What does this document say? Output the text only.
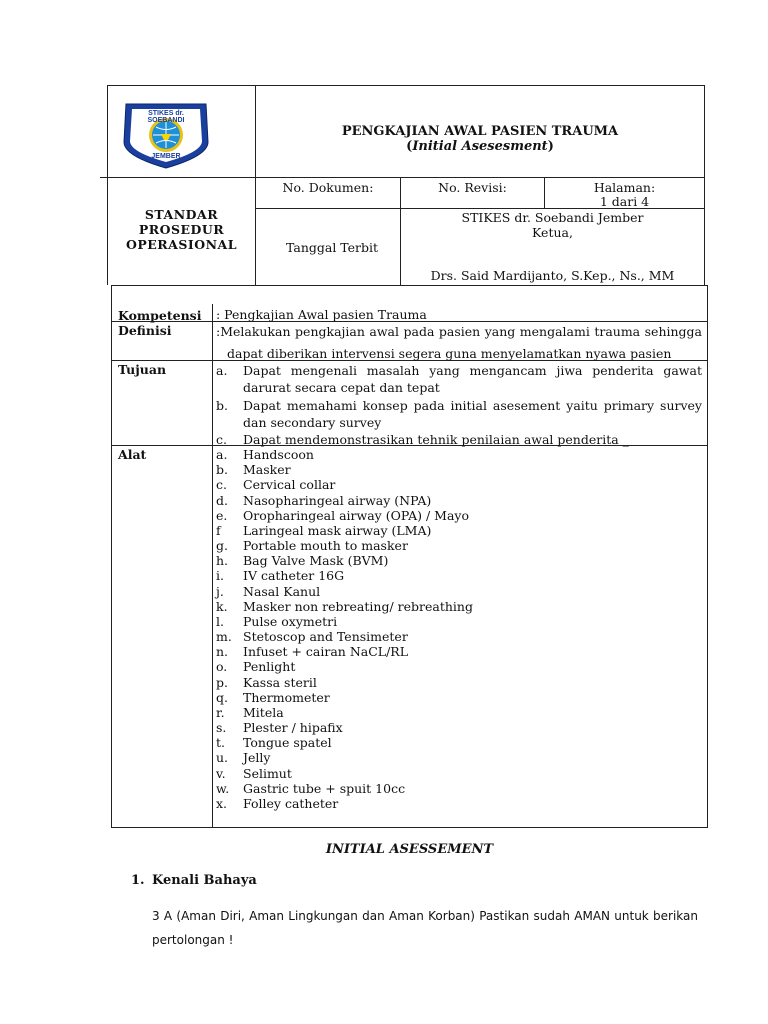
STIKES dr. SOEBANDI
JEMBER
PENGKAJIAN AWAL PASIEN TRAUMA
(Initial Asesesment)
STANDAR
PROSEDUR
OPERASIONAL
No. Dokumen:	No. Revisi:	Halaman:
1 dari 4
Tanggal Terbit
STIKES dr. Soebandi Jember
Ketua,
Drs. Said Mardijanto, S.Kep., Ns., MM
Kompetensi : Pengkajian Awal pasien Trauma
Definisi	:Melakukan pengkajian awal pada pasien yang mengalami trauma sehingga
dapat diberikan intervensi segera guna menyelamatkan nyawa pasien
Tujuan	a. Dapat mengenali masalah yang mengancam jiwa penderita gawat darurat secara cepat dan tepat
b. Dapat memahami konsep pada initial asesement yaitu primary survey dan secondary survey
c. Dapat mendemonstrasikan tehnik penilaian awal penderita _
Alat	a. Handscoon
b. Masker
c. Cervical collar
d. Nasopharingeal airway (NPA)
e. Oropharingeal airway (OPA) / Mayo
f Laringeal mask airway (LMA)
g. Portable mouth to masker
h. Bag Valve Mask (BVM)
i. IV catheter 16G
j. Nasal Kanul
k. Masker non rebreating/ rebreathing
l. Pulse oxymetri
m. Stetoscop and Tensimeter
n. Infuset + cairan NaCL/RL
o. Penlight
p. Kassa steril
q. Thermometer
r. Mitela
s. Plester / hipafix
t. Tongue spatel
u. Jelly
v. Selimut
w. Gastric tube + spuit 10cc
x. Folley catheter
INITIAL ASESSEMENT
1. Kenali Bahaya
3 A (Aman Diri, Aman Lingkungan dan Aman Korban) Pastikan sudah AMAN untuk berikan pertolongan !
